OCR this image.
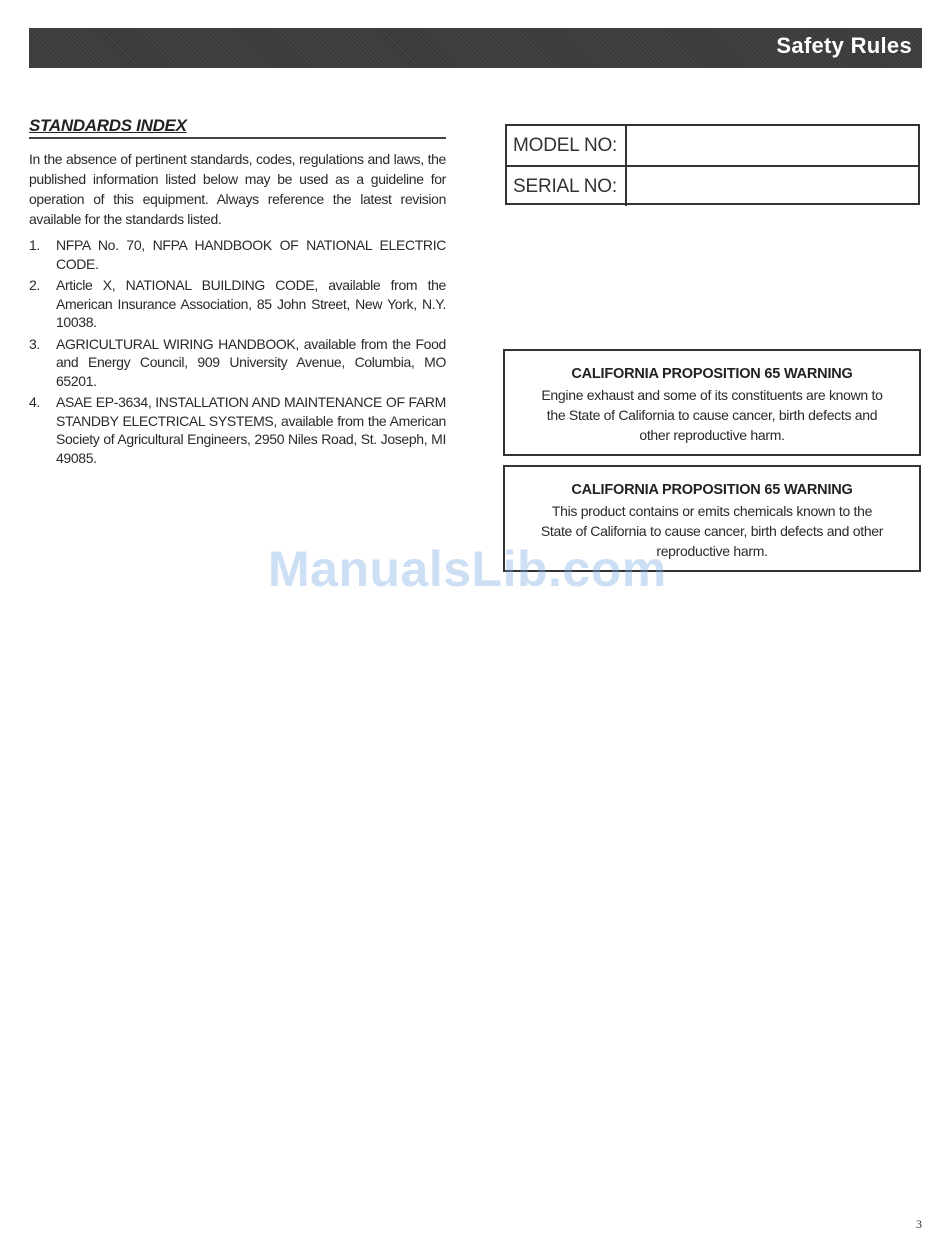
Safety Rules
STANDARDS INDEX

In the absence of pertinent standards, codes, regulations and laws, the published information listed below may be used as a guideline for operation of this equipment. Always reference the latest revision available for the standards listed.

1.	NFPA No. 70, NFPA HANDBOOK OF NATIONAL ELECTRIC CODE.
2.	Article X, NATIONAL BUILDING CODE, available from the American Insurance Association, 85 John Street, New York, N.Y. 10038.
3.	AGRICULTURAL WIRING HANDBOOK, available from the Food and Energy Council, 909 University Avenue, Columbia, MO 65201.
4.	ASAE EP-3634, INSTALLATION AND MAINTENANCE OF FARM STANDBY ELECTRICAL SYSTEMS, available from the American Society of Agricultural Engineers, 2950 Niles Road, St. Joseph, MI 49085.
MODEL NO:
SERIAL NO:
CALIFORNIA PROPOSITION 65 WARNING
Engine exhaust and some of its constituents are known to the State of California to cause cancer, birth defects and other reproductive harm.
CALIFORNIA PROPOSITION 65 WARNING
This product contains or emits chemicals known to the State of California to cause cancer, birth defects and other reproductive harm.
ManualsLib.com
3
